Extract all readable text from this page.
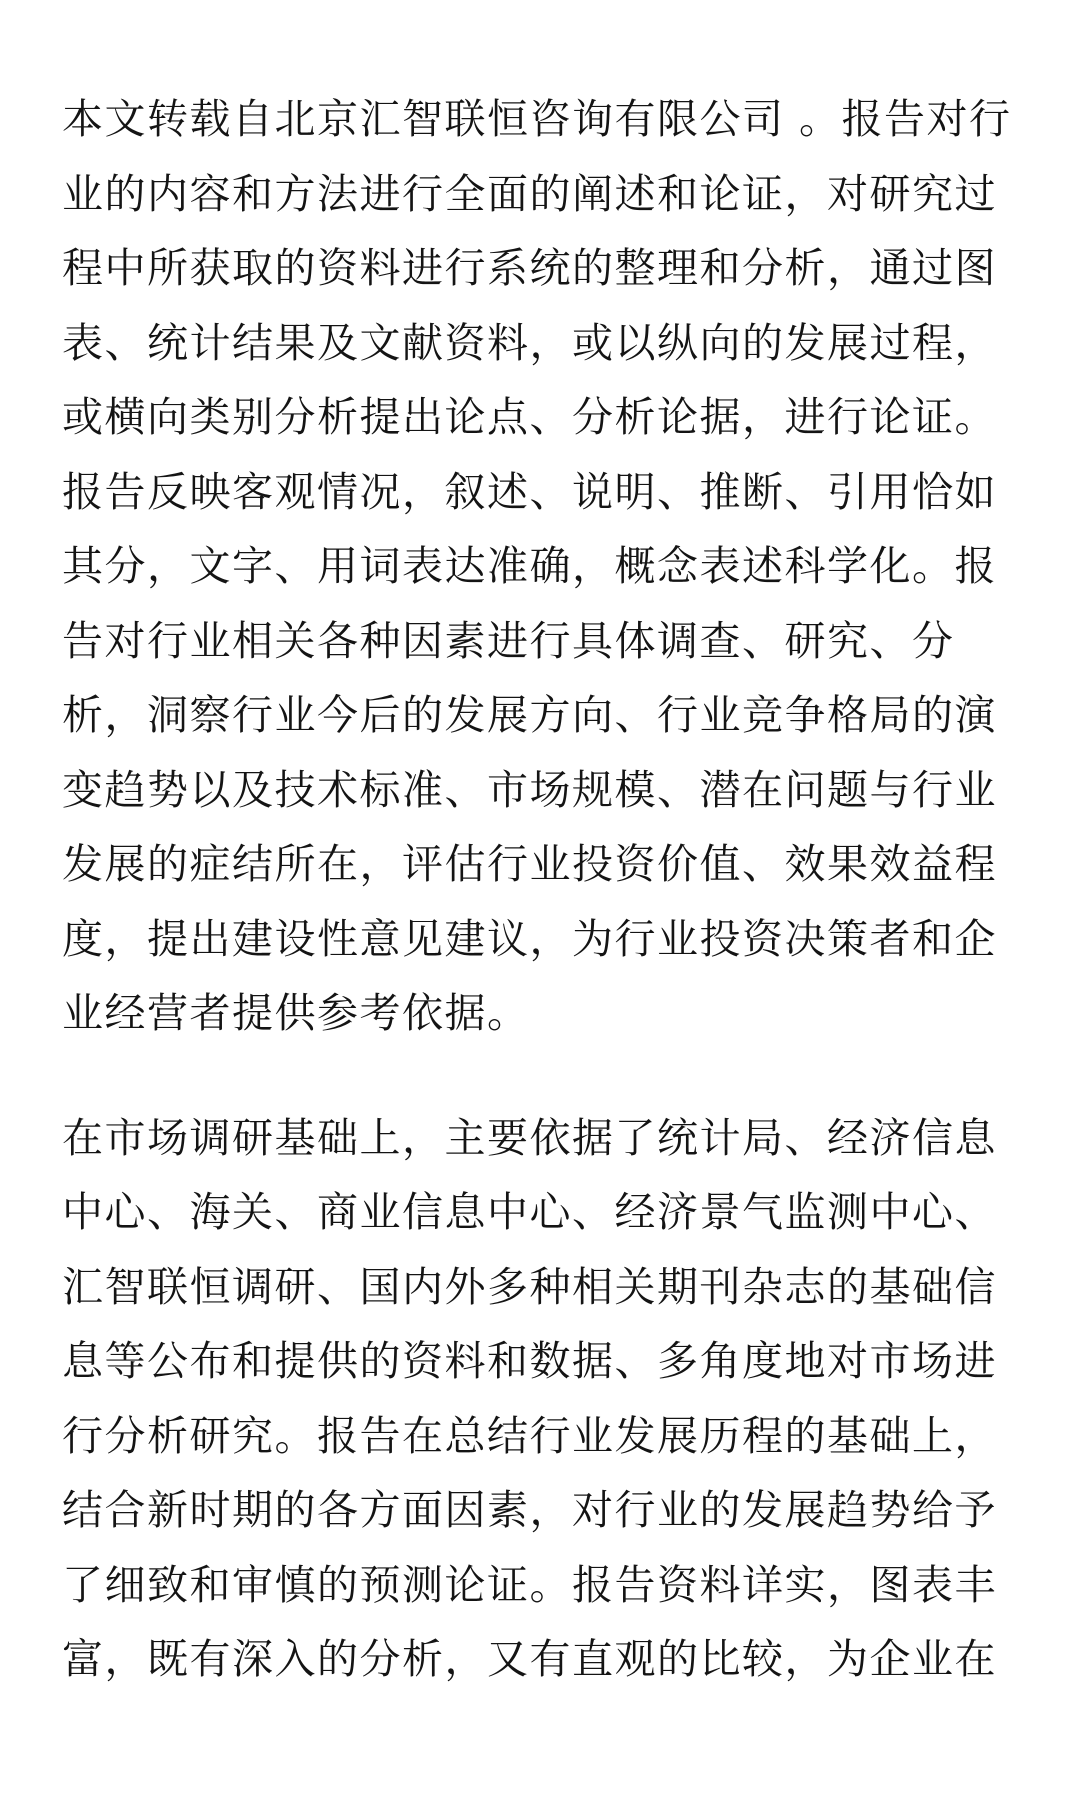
本文转载自北京汇智联恒咨询有限公司 。报告对行
业的内容和方法进行全面的阐述和论证，对研究过
程中所获取的资料进行系统的整理和分析，通过图
表、统计结果及文献资料，或以纵向的发展过程，
或横向类别分析提出论点、分析论据，进行论证。
报告反映客观情况，叙述、说明、推断、引用恰如
其分，文字、用词表达准确，概念表述科学化。报
告对行业相关各种因素进行具体调查、研究、分
析，洞察行业今后的发展方向、行业竞争格局的演
变趋势以及技术标准、市场规模、潜在问题与行业
发展的症结所在，评估行业投资价值、效果效益程
度，提出建设性意见建议，为行业投资决策者和企
业经营者提供参考依据。

在市场调研基础上，主要依据了统计局、经济信息
中心、海关、商业信息中心、经济景气监测中心、
汇智联恒调研、国内外多种相关期刊杂志的基础信
息等公布和提供的资料和数据、多角度地对市场进
行分析研究。报告在总结行业发展历程的基础上，
结合新时期的各方面因素，对行业的发展趋势给予
了细致和审慎的预测论证。报告资料详实，图表丰
富，既有深入的分析，又有直观的比较，为企业在
